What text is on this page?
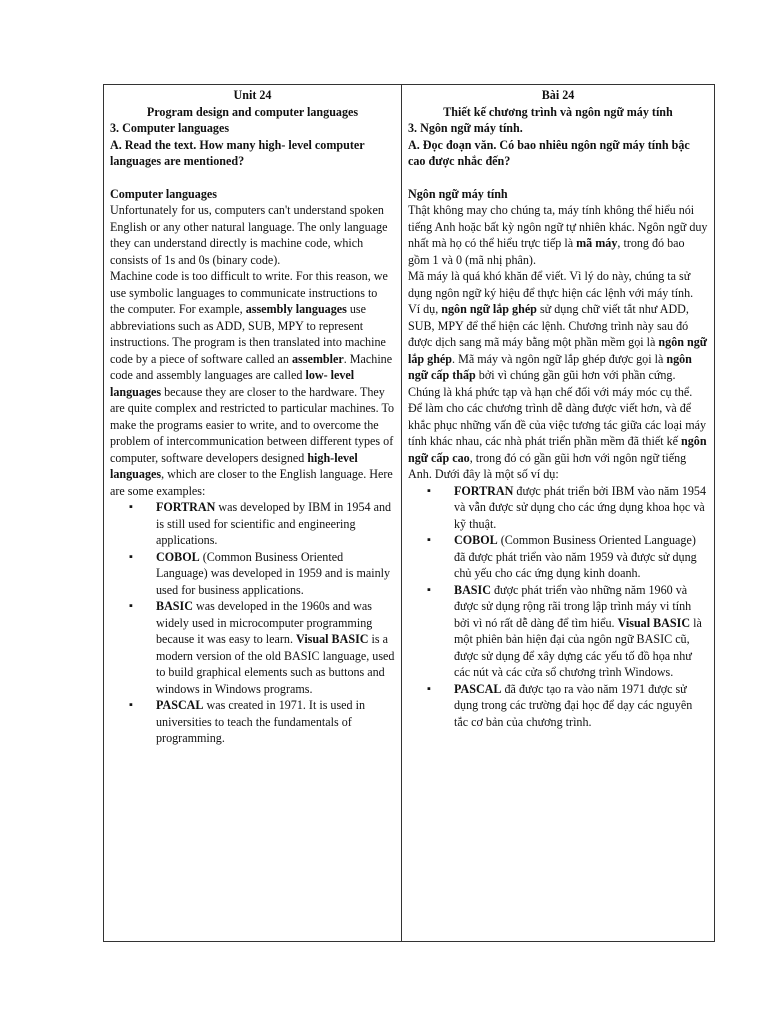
Unit 24

Program design and computer languages

3. Computer languages

A. Read the text. How many high- level computer languages are mentioned?

Computer languages

Unfortunately for us, computers can't understand spoken English or any other natural language. The only language they can understand directly is machine code, which consists of 1s and 0s (binary code).

Machine code is too difficult to write. For this reason, we use symbolic languages to communicate instructions to the computer. For example, assembly languages use abbreviations such as ADD, SUB, MPY to represent instructions. The program is then translated into machine code by a piece of software called an assembler. Machine code and assembly languages are called low- level languages because they are closer to the hardware. They are quite complex and restricted to particular machines. To make the programs easier to write, and to overcome the problem of intercommunication between different types of computer, software developers designed high-level languages, which are closer to the English language. Here are some examples:

▪ FORTRAN was developed by IBM in 1954 and is still used for scientific and engineering applications.
▪ COBOL (Common Business Oriented Language) was developed in 1959 and is mainly used for business applications.
▪ BASIC was developed in the 1960s and was widely used in microcomputer programming because it was easy to learn. Visual BASIC is a modern version of the old BASIC language, used to build graphical elements such as buttons and windows in Windows programs.
▪ PASCAL was created in 1971. It is used in universities to teach the fundamentals of programming.

Bài 24

Thiết kế chương trình và ngôn ngữ máy tính

3. Ngôn ngữ máy tính.

A. Đọc đoạn văn. Có bao nhiêu ngôn ngữ máy tính bậc cao được nhắc đến?

Ngôn ngữ máy tính

Thật không may cho chúng ta, máy tính không thể hiểu nói tiếng Anh hoặc bất kỳ ngôn ngữ tự nhiên khác. Ngôn ngữ duy nhất mà họ có thể hiểu trực tiếp là mã máy, trong đó bao gồm 1 và 0 (mã nhị phân).

Mã máy là quá khó khăn để viết. Vì lý do này, chúng ta sử dụng ngôn ngữ ký hiệu để thực hiện các lệnh với máy tính. Ví dụ, ngôn ngữ lắp ghép sử dụng chữ viết tắt như ADD, SUB, MPY để thể hiện các lệnh. Chương trình này sau đó được dịch sang mã máy bằng một phần mềm gọi là ngôn ngữ lắp ghép. Mã máy và ngôn ngữ lắp ghép được gọi là ngôn ngữ cấp thấp bởi vì chúng gần gũi hơn với phần cứng. Chúng là khá phức tạp và hạn chế đối với máy móc cụ thể. Để làm cho các chương trình dễ dàng được viết hơn, và để khắc phục những vấn đề của việc tương tác giữa các loại máy tính khác nhau, các nhà phát triển phần mềm đã thiết kế ngôn ngữ cấp cao, trong đó có gần gũi hơn với ngôn ngữ tiếng Anh. Dưới đây là một số ví dụ:

▪ FORTRAN được phát triển bởi IBM vào năm 1954 và vẫn được sử dụng cho các ứng dụng khoa học và kỹ thuật.
▪ COBOL (Common Business Oriented Language) đã được phát triển vào năm 1959 và được sử dụng chủ yếu cho các ứng dụng kinh doanh.
▪ BASIC được phát triển vào những năm 1960 và được sử dụng rộng rãi trong lập trình máy vi tính bởi vì nó rất dễ dàng để tìm hiểu. Visual BASIC là một phiên bản hiện đại của ngôn ngữ BASIC cũ, được sử dụng để xây dựng các yếu tố đồ họa như các nút và các cửa sổ chương trình Windows.
▪ PASCAL đã được tạo ra vào năm 1971 được sử dụng trong các trường đại học để dạy các nguyên tắc cơ bản của chương trình.
